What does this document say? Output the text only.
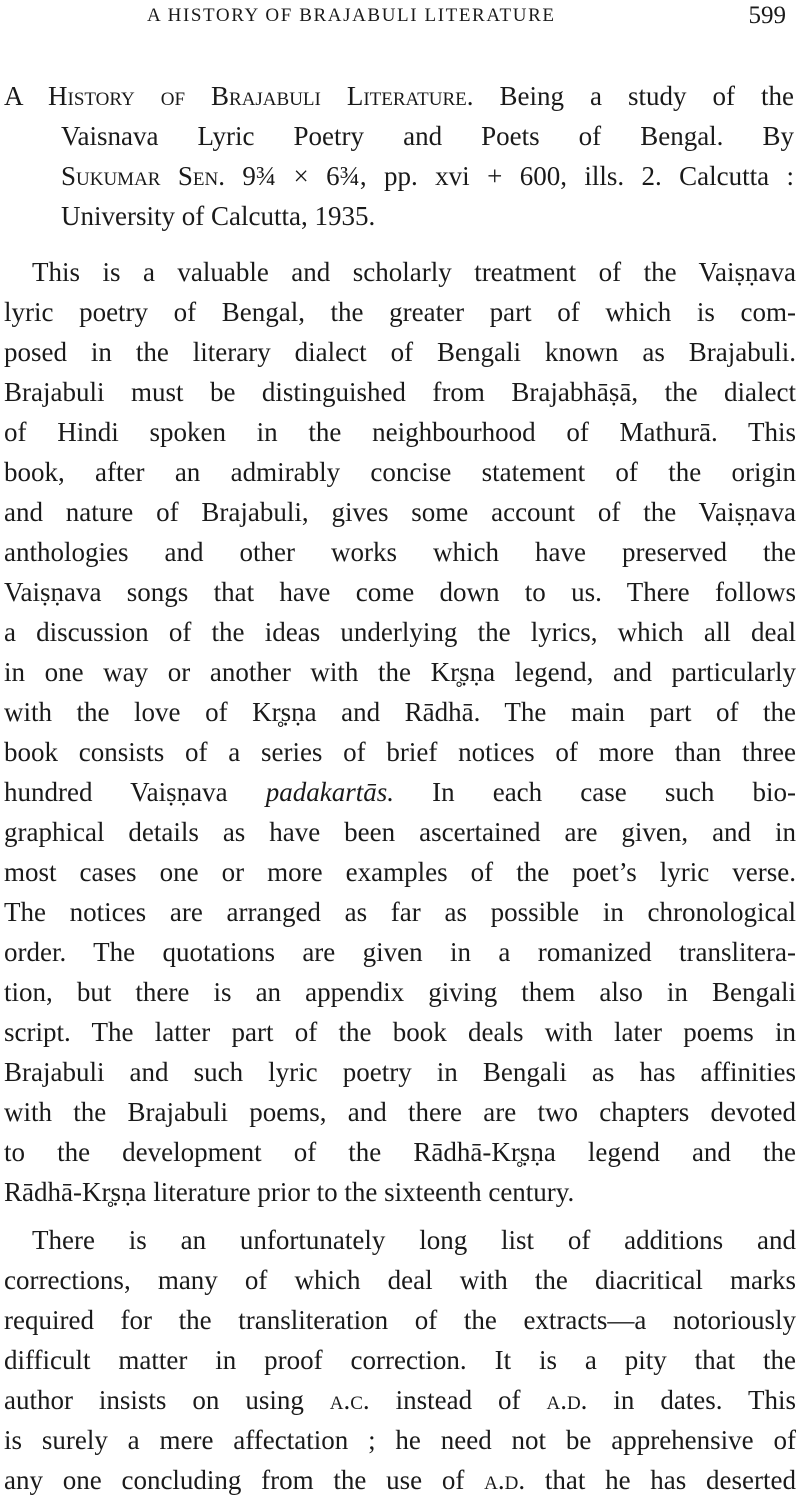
A HISTORY OF BRAJABULI LITERATURE	599
A History of Brajabuli Literature. Being a study of the
Vaisnava Lyric Poetry and Poets of Bengal. By
Sukumar Sen. 9¾ × 6¾, pp. xvi + 600, ills. 2. Calcutta :
University of Calcutta, 1935.
This is a valuable and scholarly treatment of the Vaiṣṇava
lyric poetry of Bengal, the greater part of which is com-
posed in the literary dialect of Bengali known as Brajabuli.
Brajabuli must be distinguished from Brajabhāṣā, the dialect
of Hindi spoken in the neighbourhood of Mathurā. This
book, after an admirably concise statement of the origin
and nature of Brajabuli, gives some account of the Vaiṣṇava
anthologies and other works which have preserved the
Vaiṣṇava songs that have come down to us. There follows
a discussion of the ideas underlying the lyrics, which all deal
in one way or another with the Kr̥ṣṇa legend, and particularly
with the love of Kr̥ṣṇa and Rādhā. The main part of the
book consists of a series of brief notices of more than three
hundred Vaiṣṇava padakartās. In each case such bio-
graphical details as have been ascertained are given, and in
most cases one or more examples of the poet’s lyric verse.
The notices are arranged as far as possible in chronological
order. The quotations are given in a romanized translitera-
tion, but there is an appendix giving them also in Bengali
script. The latter part of the book deals with later poems in
Brajabuli and such lyric poetry in Bengali as has affinities
with the Brajabuli poems, and there are two chapters devoted
to the development of the Rādhā-Kr̥ṣṇa legend and the
Rādhā-Kr̥ṣṇa literature prior to the sixteenth century.
There is an unfortunately long list of additions and
corrections, many of which deal with the diacritical marks
required for the transliteration of the extracts—a notoriously
difficult matter in proof correction. It is a pity that the
author insists on using a.c. instead of a.d. in dates. This
is surely a mere affectation ; he need not be apprehensive of
any one concluding from the use of a.d. that he has deserted
